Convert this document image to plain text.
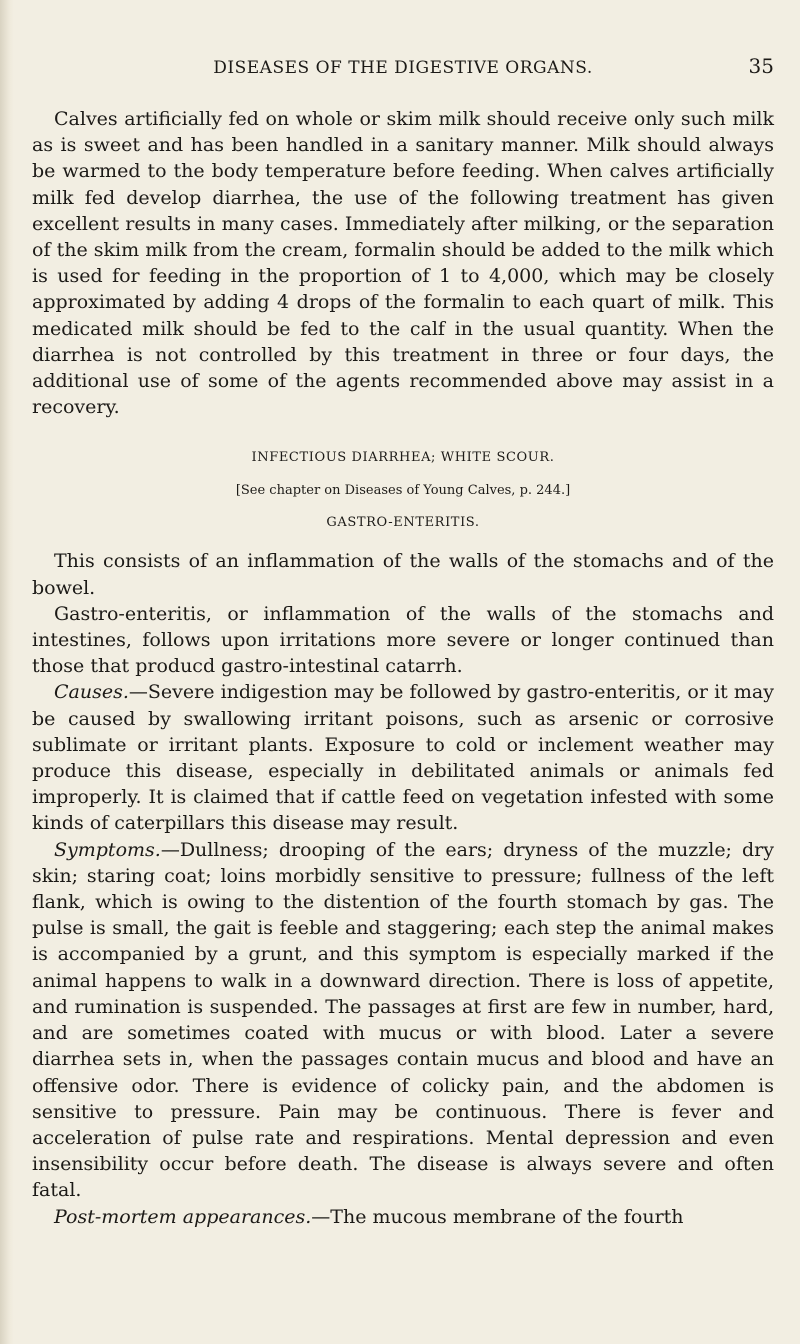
DISEASES OF THE DIGESTIVE ORGANS.	35

Calves artificially fed on whole or skim milk should receive only such milk as is sweet and has been handled in a sanitary manner. Milk should always be warmed to the body temperature before feeding. When calves artificially milk fed develop diarrhea, the use of the following treatment has given excellent results in many cases. Immediately after milking, or the separation of the skim milk from the cream, formalin should be added to the milk which is used for feeding in the proportion of 1 to 4,000, which may be closely approximated by adding 4 drops of the formalin to each quart of milk. This medicated milk should be fed to the calf in the usual quantity. When the diarrhea is not controlled by this treatment in three or four days, the additional use of some of the agents recommended above may assist in a recovery.

INFECTIOUS DIARRHEA; WHITE SCOUR.

[See chapter on Diseases of Young Calves, p. 244.]

GASTRO-ENTERITIS.

This consists of an inflammation of the walls of the stomachs and of the bowel.

Gastro-enteritis, or inflammation of the walls of the stomachs and intestines, follows upon irritations more severe or longer continued than those that producd gastro-intestinal catarrh.

Causes.—Severe indigestion may be followed by gastro-enteritis, or it may be caused by swallowing irritant poisons, such as arsenic or corrosive sublimate or irritant plants. Exposure to cold or inclement weather may produce this disease, especially in debilitated animals or animals fed improperly. It is claimed that if cattle feed on vegetation infested with some kinds of caterpillars this disease may result.

Symptoms.—Dullness; drooping of the ears; dryness of the muzzle; dry skin; staring coat; loins morbidly sensitive to pressure; fullness of the left flank, which is owing to the distention of the fourth stomach by gas. The pulse is small, the gait is feeble and staggering; each step the animal makes is accompanied by a grunt, and this symptom is especially marked if the animal happens to walk in a downward direction. There is loss of appetite, and rumination is suspended. The passages at first are few in number, hard, and are sometimes coated with mucus or with blood. Later a severe diarrhea sets in, when the passages contain mucus and blood and have an offensive odor. There is evidence of colicky pain, and the abdomen is sensitive to pressure. Pain may be continuous. There is fever and acceleration of pulse rate and respirations. Mental depression and even insensibility occur before death. The disease is always severe and often fatal.

Post-mortem appearances.—The mucous membrane of the fourth
